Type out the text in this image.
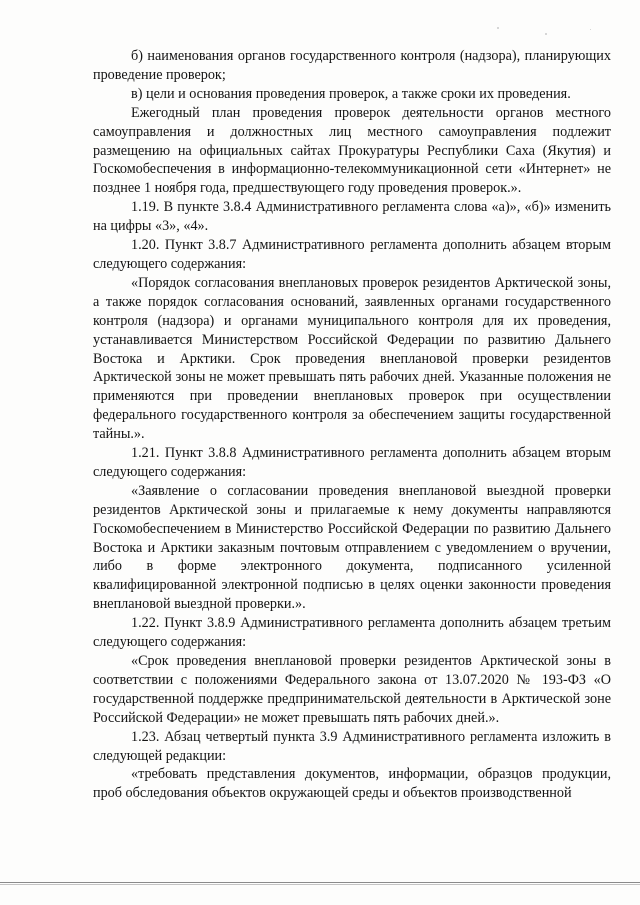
б) наименования органов государственного контроля (надзора), планирующих проведение проверок;

в) цели и основания проведения проверок, а также сроки их проведения.

Ежегодный план проведения проверок деятельности органов местного самоуправления и должностных лиц местного самоуправления подлежит размещению на официальных сайтах Прокуратуры Республики Саха (Якутия) и Госкомобеспечения в информационно-телекоммуникационной сети «Интернет» не позднее 1 ноября года, предшествующего году проведения проверок.».

1.19. В пункте 3.8.4 Административного регламента слова «а)», «б)» изменить на цифры «3», «4».

1.20. Пункт 3.8.7 Административного регламента дополнить абзацем вторым следующего содержания:

«Порядок согласования внеплановых проверок резидентов Арктической зоны, а также порядок согласования оснований, заявленных органами государственного контроля (надзора) и органами муниципального контроля для их проведения, устанавливается Министерством Российской Федерации по развитию Дальнего Востока и Арктики. Срок проведения внеплановой проверки резидентов Арктической зоны не может превышать пять рабочих дней. Указанные положения не применяются при проведении внеплановых проверок при осуществлении федерального государственного контроля за обеспечением защиты государственной тайны.».

1.21. Пункт 3.8.8 Административного регламента дополнить абзацем вторым следующего содержания:

«Заявление о согласовании проведения внеплановой выездной проверки резидентов Арктической зоны и прилагаемые к нему документы направляются Госкомобеспечением в Министерство Российской Федерации по развитию Дальнего Востока и Арктики заказным почтовым отправлением с уведомлением о вручении, либо в форме электронного документа, подписанного усиленной квалифицированной электронной подписью в целях оценки законности проведения внеплановой выездной проверки.».

1.22. Пункт 3.8.9 Административного регламента дополнить абзацем третьим следующего содержания:

«Срок проведения внеплановой проверки резидентов Арктической зоны в соответствии с положениями Федерального закона от 13.07.2020 № 193-ФЗ «О государственной поддержке предпринимательской деятельности в Арктической зоне Российской Федерации» не может превышать пять рабочих дней.».

1.23. Абзац четвертый пункта 3.9 Административного регламента изложить в следующей редакции:

«требовать представления документов, информации, образцов продукции, проб обследования объектов окружающей среды и объектов производственной
